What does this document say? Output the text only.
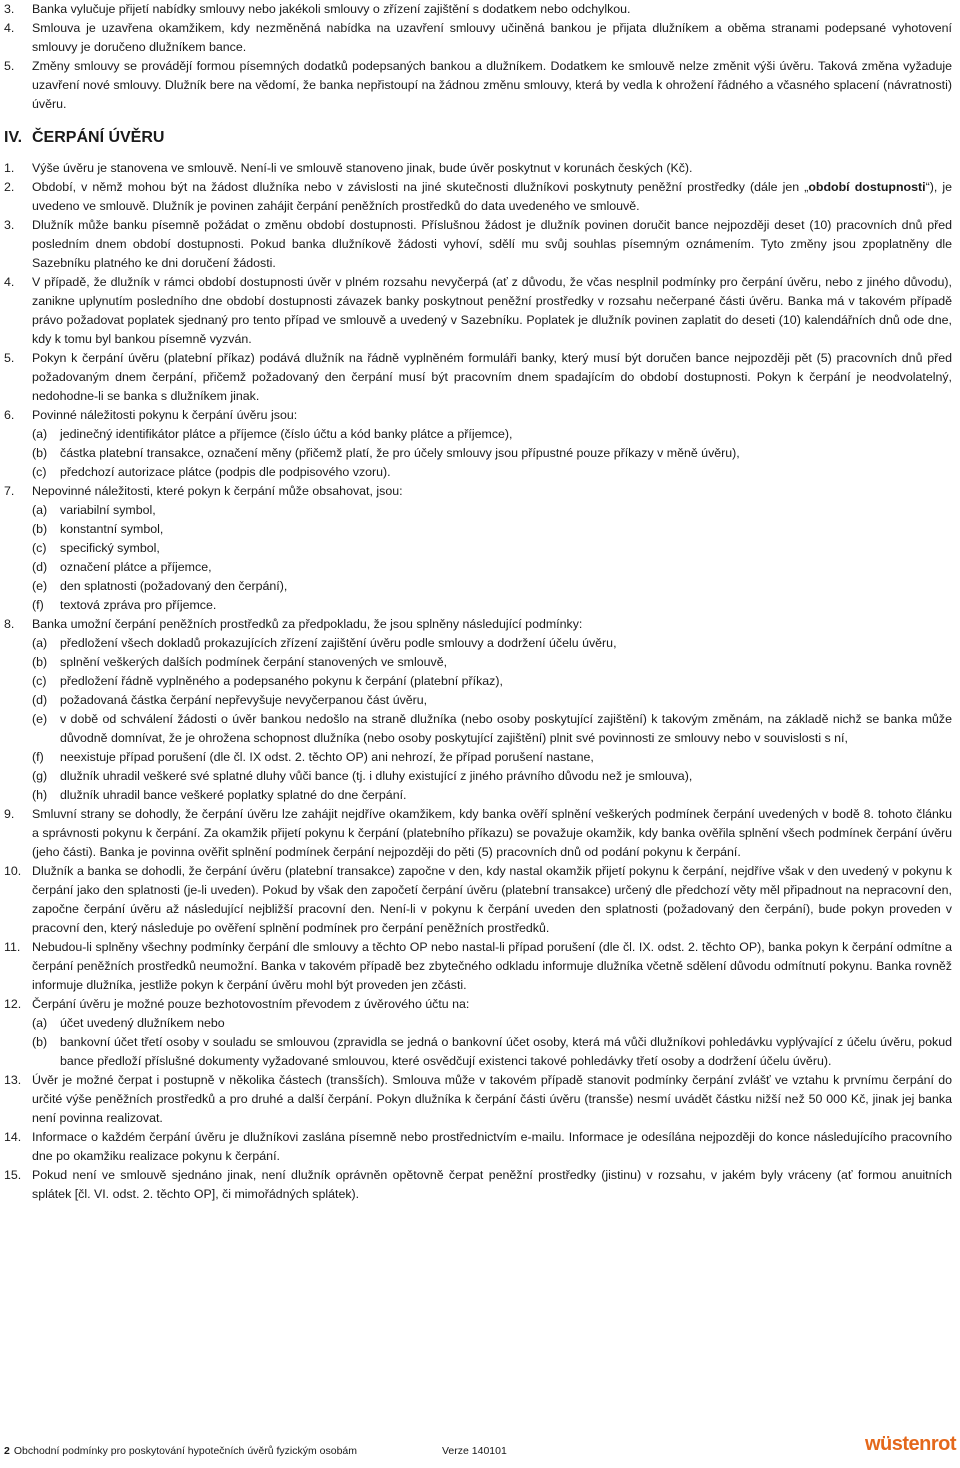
3.	Banka vylučuje přijetí nabídky smlouvy nebo jakékoli smlouvy o zřízení zajištění s dodatkem nebo odchylkou.
4.	Smlouva je uzavřena okamžikem, kdy nezměněná nabídka na uzavření smlouvy učiněná bankou je přijata dlužníkem a oběma stranami podepsané vyhotovení smlouvy je doručeno dlužníkem bance.
5.	Změny smlouvy se provádějí formou písemných dodatků podepsaných bankou a dlužníkem. Dodatkem ke smlouvě nelze změnit výši úvěru. Taková změna vyžaduje uzavření nové smlouvy. Dlužník bere na vědomí, že banka nepřistoupí na žádnou změnu smlouvy, která by vedla k ohrožení řádného a včasného splacení (návratnosti) úvěru.
IV. ČERPÁNÍ ÚVĚRU
1.	Výše úvěru je stanovena ve smlouvě. Není-li ve smlouvě stanoveno jinak, bude úvěr poskytnut v korunách českých (Kč).
2.	Období, v němž mohou být na žádost dlužníka nebo v závislosti na jiné skutečnosti dlužníkovi poskytnuty peněžní prostředky (dále jen „období dostupnosti“), je uvedeno ve smlouvě. Dlužník je povinen zahájit čerpání peněžních prostředků do data uvedeného ve smlouvě.
3.	Dlužník může banku písemně požádat o změnu období dostupnosti. Příslušnou žádost je dlužník povinen doručit bance nejpozději deset (10) pracovních dnů před posledním dnem období dostupnosti. Pokud banka dlužníkově žádosti vyhoví, sdělí mu svůj souhlas písemným oznámením. Tyto změny jsou zpoplatněny dle Sazebníku platného ke dni doručení žádosti.
4.	V případě, že dlužník v rámci období dostupnosti úvěr v plném rozsahu nevyčerpá (ať z důvodu, že včas nesplnil podmínky pro čerpání úvěru, nebo z jiného důvodu), zanikne uplynutím posledního dne období dostupnosti závazek banky poskytnout peněžní prostředky v rozsahu nečerpané části úvěru. Banka má v takovém případě právo požadovat poplatek sjednaný pro tento případ ve smlouvě a uvedený v Sazebníku. Poplatek je dlužník povinen zaplatit do deseti (10) kalendářních dnů ode dne, kdy k tomu byl bankou písemně vyzván.
5.	Pokyn k čerpání úvěru (platební příkaz) podává dlužník na řádně vyplněném formuláři banky, který musí být doručen bance nejpozději pět (5) pracovních dnů před požadovaným dnem čerpání, přičemž požadovaný den čerpání musí být pracovním dnem spadajícím do období dostupnosti. Pokyn k čerpání je neodvolatelný, nedohodne-li se banka s dlužníkem jinak.
6.	Povinné náležitosti pokynu k čerpání úvěru jsou:
(a)	jedinečný identifikátor plátce a příjemce (číslo účtu a kód banky plátce a příjemce),
(b)	částka platební transakce, označení měny (přičemž platí, že pro účely smlouvy jsou přípustné pouze příkazy v měně úvěru),
(c)	předchozí autorizace plátce (podpis dle podpisového vzoru).
7.	Nepovinné náležitosti, které pokyn k čerpání může obsahovat, jsou:
(a)	variabilní symbol,
(b)	konstantní symbol,
(c)	specifický symbol,
(d)	označení plátce a příjemce,
(e)	den splatnosti (požadovaný den čerpání),
(f)	textová zpráva pro příjemce.
8.	Banka umožní čerpání peněžních prostředků za předpokladu, že jsou splněny následující podmínky:
(a)	předložení všech dokladů prokazujících zřízení zajištění úvěru podle smlouvy a dodržení účelu úvěru,
(b)	splnění veškerých dalších podmínek čerpání stanovených ve smlouvě,
(c)	předložení řádně vyplněného a podepsaného pokynu k čerpání (platební příkaz),
(d)	požadovaná částka čerpání nepřevyšuje nevyčerpanou část úvěru,
(e)	v době od schválení žádosti o úvěr bankou nedošlo na straně dlužníka (nebo osoby poskytující zajištění) k takovým změnám, na základě nichž se banka může důvodně domnívat, že je ohrožena schopnost dlužníka (nebo osoby poskytující zajištění) plnit své povinnosti ze smlouvy nebo v souvislosti s ní,
(f)	neexistuje případ porušení (dle čl. IX odst. 2. těchto OP) ani nehrozí, že případ porušení nastane,
(g)	dlužník uhradil veškeré své splatné dluhy vůči bance (tj. i dluhy existující z jiného právního důvodu než je smlouva),
(h)	dlužník uhradil bance veškeré poplatky splatné do dne čerpání.
9.	Smluvní strany se dohodly, že čerpání úvěru lze zahájit nejdříve okamžikem, kdy banka ověří splnění veškerých podmínek čerpání uvedených v bodě 8. tohoto článku a správnosti pokynu k čerpání. Za okamžik přijetí pokynu k čerpání (platebního příkazu) se považuje okamžik, kdy banka ověřila splnění všech podmínek čerpání úvěru (jeho části). Banka je povinna ověřit splnění podmínek čerpání nejpozději do pěti (5) pracovních dnů od podání pokynu k čerpání.
10. Dlužník a banka se dohodli, že čerpání úvěru (platební transakce) započne v den, kdy nastal okamžik přijetí pokynu k čerpání, nejdříve však v den uvedený v pokynu k čerpání jako den splatnosti (je-li uveden). Pokud by však den započetí čerpání úvěru (platební transakce) určený dle předchozí věty měl připadnout na nepracovní den, započne čerpání úvěru až následující nejbližší pracovní den. Není-li v pokynu k čerpání uveden den splatnosti (požadovaný den čerpání), bude pokyn proveden v pracovní den, který následuje po ověření splnění podmínek pro čerpání peněžních prostředků.
11. Nebudou-li splněny všechny podmínky čerpání dle smlouvy a těchto OP nebo nastal-li případ porušení (dle čl. IX. odst. 2. těchto OP), banka pokyn k čerpání odmítne a čerpání peněžních prostředků neumožní. Banka v takovém případě bez zbytečného odkladu informuje dlužníka včetně sdělení důvodu odmítnutí pokynu. Banka rovněž informuje dlužníka, jestliže pokyn k čerpání úvěru mohl být proveden jen zčásti.
12. Čerpání úvěru je možné pouze bezhotovostním převodem z úvěrového účtu na:
(a)	účet uvedený dlužníkem nebo
(b)	bankovní účet třetí osoby v souladu se smlouvou (zpravidla se jedná o bankovní účet osoby, která má vůči dlužníkovi pohledávku vyplývající z účelu úvěru, pokud bance předloží příslušné dokumenty vyžadované smlouvou, které osvědčují existenci takové pohledávky třetí osoby a dodržení účelu úvěru).
13. Úvěr je možné čerpat i postupně v několika částech (transších). Smlouva může v takovém případě stanovit podmínky čerpání zvlášť ve vztahu k prvnímu čerpání do určité výše peněžních prostředků a pro druhé a další čerpání. Pokyn dlužníka k čerpání části úvěru (transše) nesmí uvádět částku nižší než 50 000 Kč, jinak jej banka není povinna realizovat.
14. Informace o každém čerpání úvěru je dlužníkovi zaslána písemně nebo prostřednictvím e-mailu. Informace je odesílána nejpozději do konce následujícího pracovního dne po okamžiku realizace pokynu k čerpání.
15. Pokud není ve smlouvě sjednáno jinak, není dlužník oprávněn opětovně čerpat peněžní prostředky (jistinu) v rozsahu, v jakém byly vráceny (ať formou anuitních splátek [čl. VI. odst. 2. těchto OP], či mimořádných splátek).
2 Obchodní podmínky pro poskytování hypotečních úvěrů fyzickým osobám	Verze 140101	wüstenrot
